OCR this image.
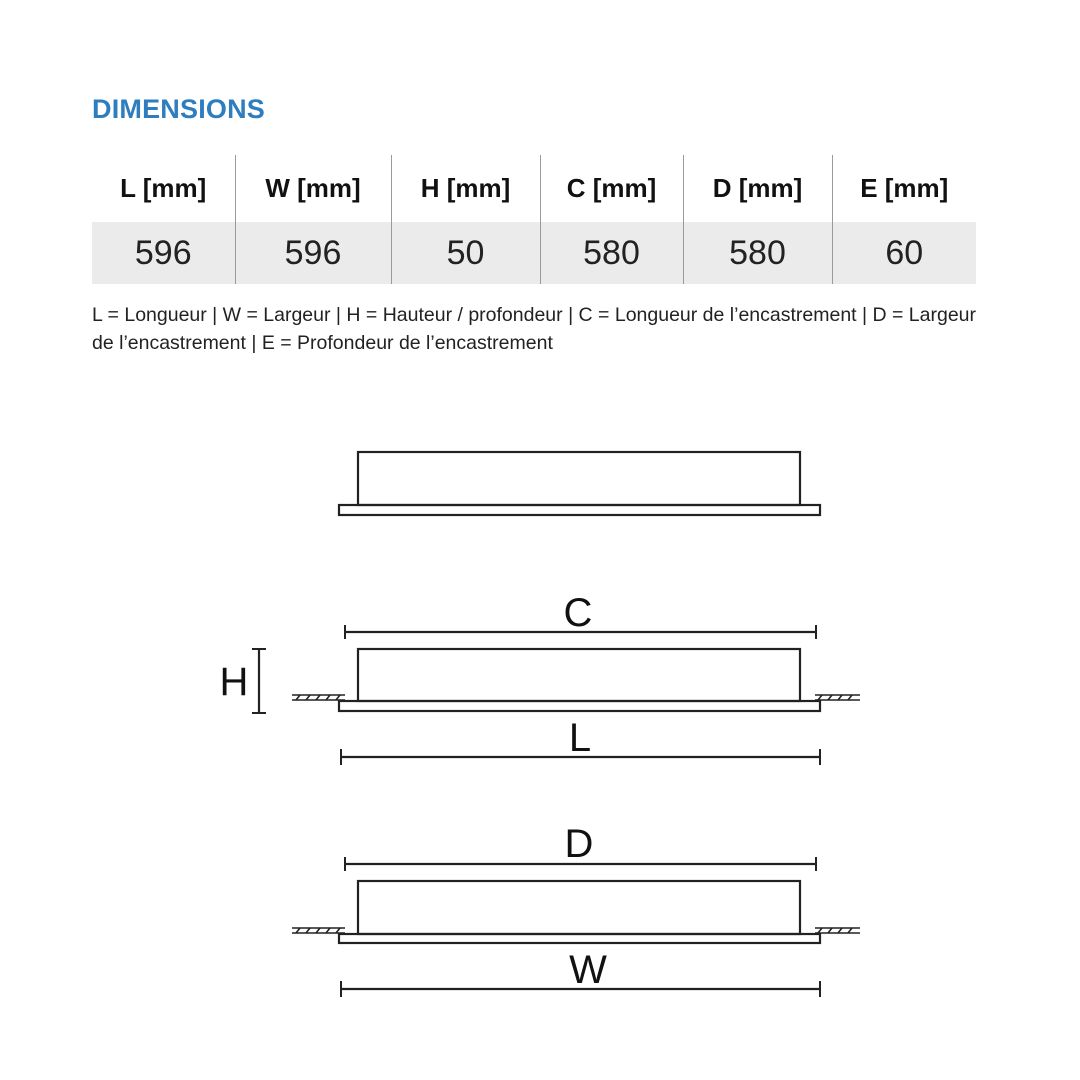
DIMENSIONS
L [mm]	W [mm]	H [mm]	C [mm]	D [mm]	E [mm]
596	596	50	580	580	60
L = Longueur | W = Largeur | H = Hauteur / profondeur | C = Longueur de l’encastrement | D = Largeur de l’encastrement | E = Profondeur de l’encastrement
C
H
L
D
W
